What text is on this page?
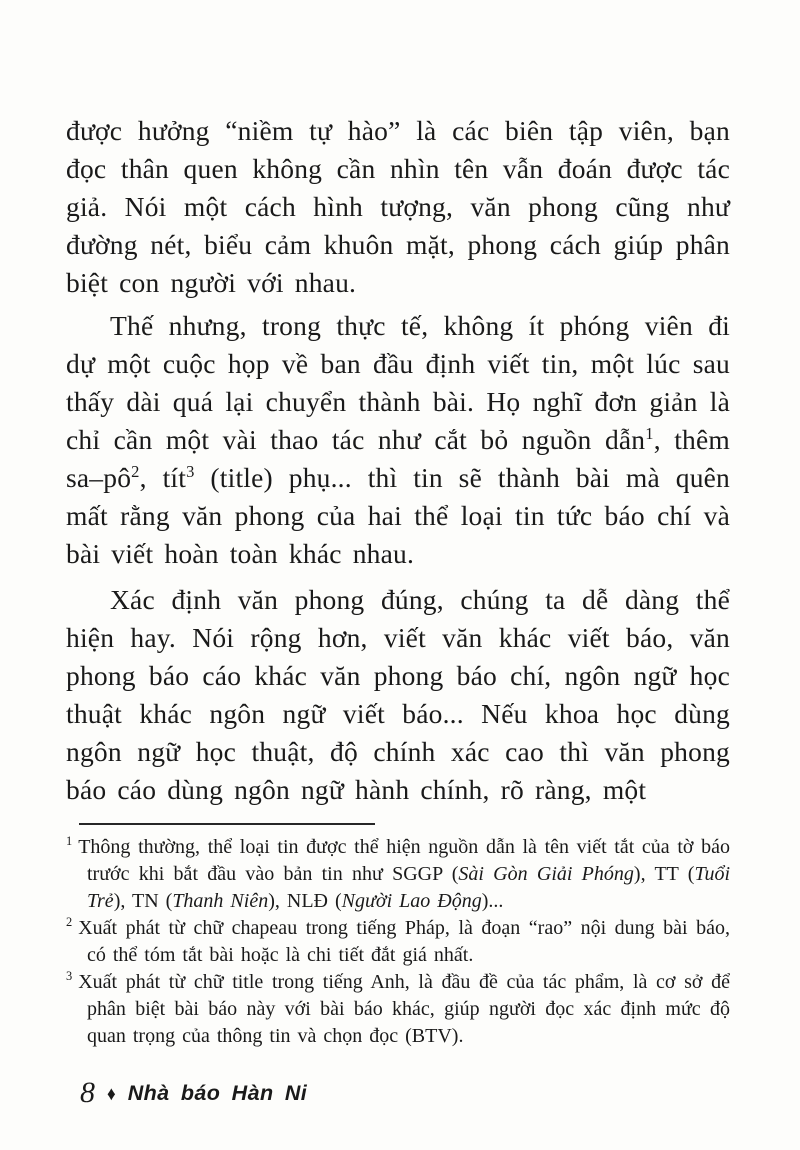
được hưởng “niềm tự hào” là các biên tập viên, bạn đọc thân quen không cần nhìn tên vẫn đoán được tác giả. Nói một cách hình tượng, văn phong cũng như đường nét, biểu cảm khuôn mặt, phong cách giúp phân biệt con người với nhau.

Thế nhưng, trong thực tế, không ít phóng viên đi dự một cuộc họp về ban đầu định viết tin, một lúc sau thấy dài quá lại chuyển thành bài. Họ nghĩ đơn giản là chỉ cần một vài thao tác như cắt bỏ nguồn dẫn$^1$, thêm sa–pô$^2$, tít$^3$ (title) phụ... thì tin sẽ thành bài mà quên mất rằng văn phong của hai thể loại tin tức báo chí và bài viết hoàn toàn khác nhau.

Xác định văn phong đúng, chúng ta dễ dàng thể hiện hay. Nói rộng hơn, viết văn khác viết báo, văn phong báo cáo khác văn phong báo chí, ngôn ngữ học thuật khác ngôn ngữ viết báo... Nếu khoa học dùng ngôn ngữ học thuật, độ chính xác cao thì văn phong báo cáo dùng ngôn ngữ hành chính, rõ ràng, một

$^1$ Thông thường, thể loại tin được thể hiện nguồn dẫn là tên viết tắt của tờ báo trước khi bắt đầu vào bản tin như SGGP (Sài Gòn Giải Phóng), TT (Tuổi Trẻ), TN (Thanh Niên), NLĐ (Người Lao Động)...

$^2$ Xuất phát từ chữ chapeau trong tiếng Pháp, là đoạn “rao” nội dung bài báo, có thể tóm tắt bài hoặc là chi tiết đắt giá nhất.

$^3$ Xuất phát từ chữ title trong tiếng Anh, là đầu đề của tác phẩm, là cơ sở để phân biệt bài báo này với bài báo khác, giúp người đọc xác định mức độ quan trọng của thông tin và chọn đọc (BTV).

8 ♦ Nhà báo Hàn Ni
